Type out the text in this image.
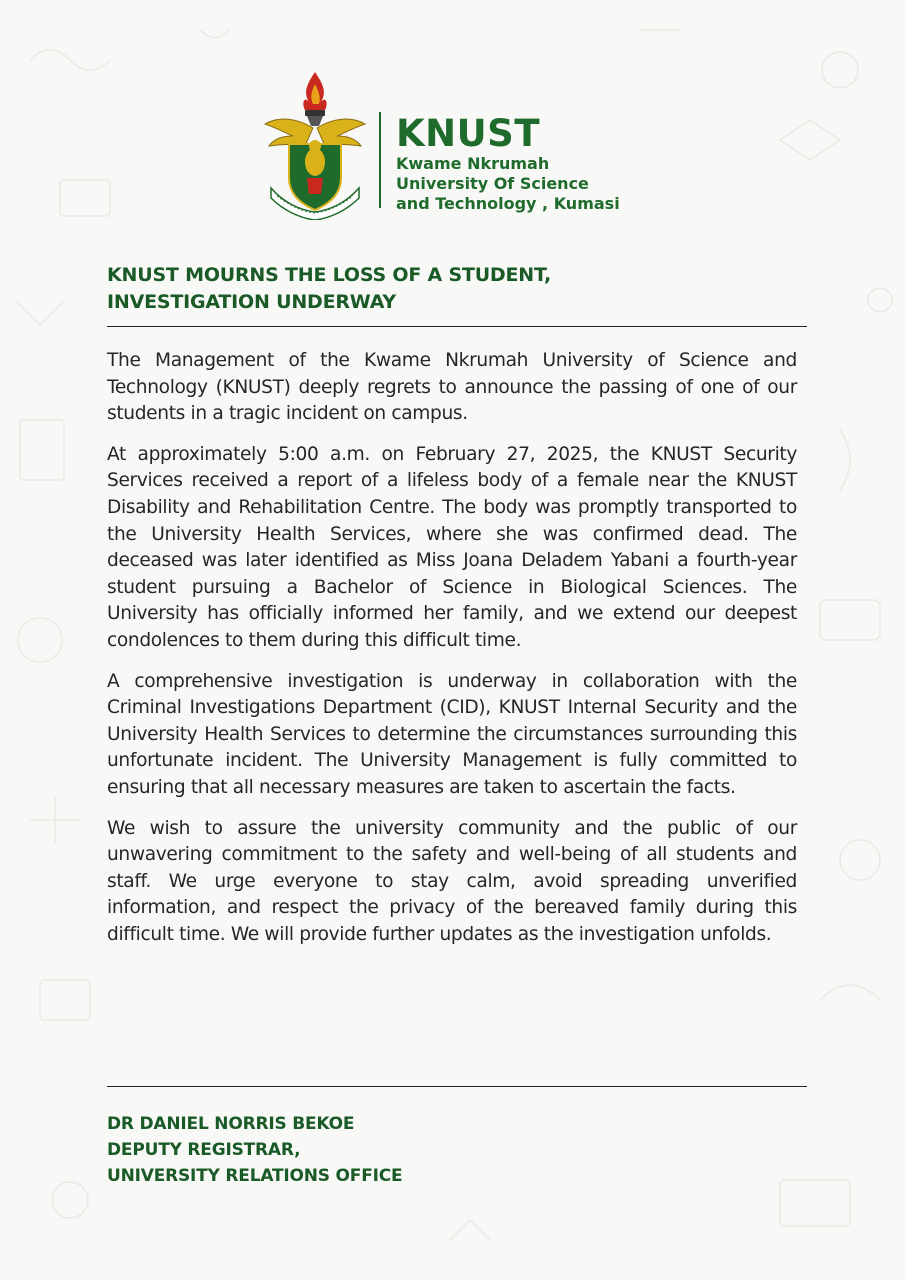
KNUST
Kwame Nkrumah
University Of Science
and Technology , Kumasi
KNUST MOURNS THE LOSS OF A STUDENT,
INVESTIGATION UNDERWAY

The Management of the Kwame Nkrumah University of Science and Technology (KNUST) deeply regrets to announce the passing of one of our students in a tragic incident on campus.

At approximately 5:00 a.m. on February 27, 2025, the KNUST Security Services received a report of a lifeless body of a female near the KNUST Disability and Rehabilitation Centre. The body was promptly transported to the University Health Services, where she was confirmed dead. The deceased was later identified as Miss Joana Deladem Yabani a fourth-year student pursuing a Bachelor of Science in Biological Sciences. The University has officially informed her family, and we extend our deepest condolences to them during this difficult time.

A comprehensive investigation is underway in collaboration with the Criminal Investigations Department (CID), KNUST Internal Security and the University Health Services to determine the circumstances surrounding this unfortunate incident. The University Management is fully committed to ensuring that all necessary measures are taken to ascertain the facts.

We wish to assure the university community and the public of our unwavering commitment to the safety and well-being of all students and staff. We urge everyone to stay calm, avoid spreading unverified information, and respect the privacy of the bereaved family during this difficult time. We will provide further updates as the investigation unfolds.

DR DANIEL NORRIS BEKOE
DEPUTY REGISTRAR,
UNIVERSITY RELATIONS OFFICE
